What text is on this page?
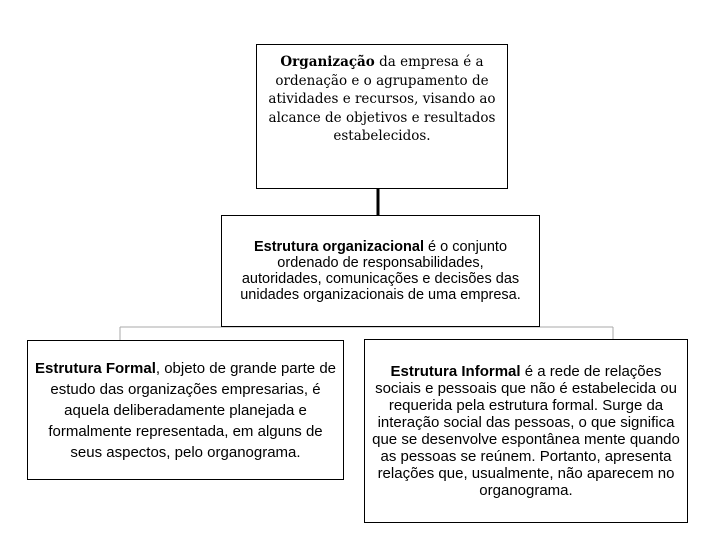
Organização da empresa é a ordenação e o agrupamento de atividades e recursos, visando ao alcance de objetivos e resultados estabelecidos.
Estrutura organizacional é o conjunto ordenado de responsabilidades, autoridades, comunicações e decisões das unidades organizacionais de uma empresa.
Estrutura Formal, objeto de grande parte de estudo das organizações empresarias, é aquela deliberadamente planejada e formalmente representada, em alguns de seus aspectos, pelo organograma.
Estrutura Informal é a rede de relações sociais e pessoais que não é estabelecida ou requerida pela estrutura formal. Surge da interação social das pessoas, o que significa que se desenvolve espontânea mente quando as pessoas se reúnem. Portanto, apresenta relações que, usualmente, não aparecem no organograma.
